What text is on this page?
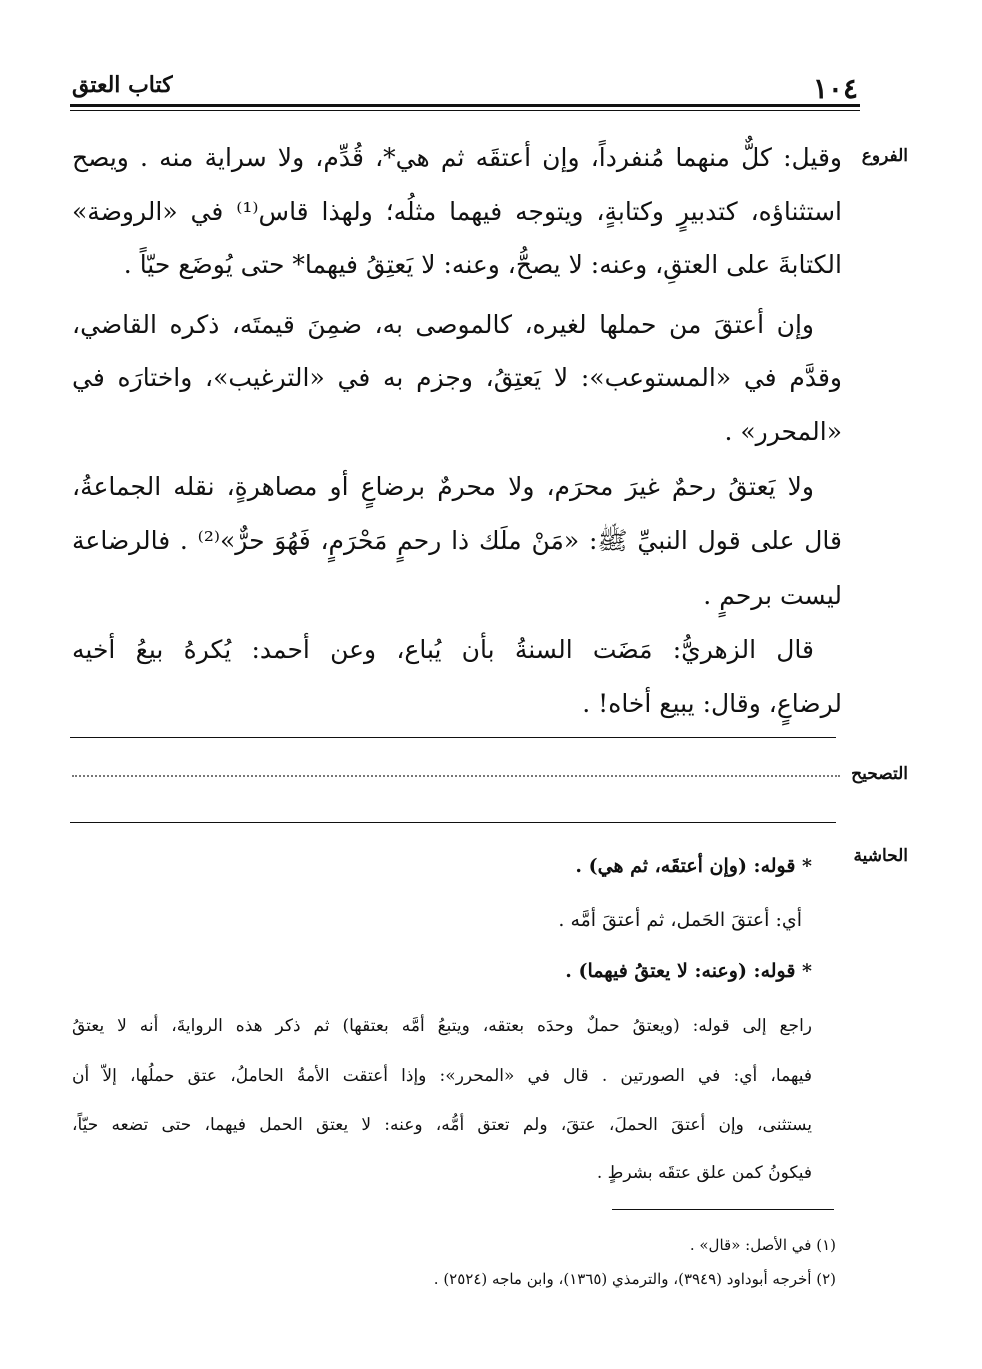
١٠٤
كتاب العتق
الفروع
وقيل: كلٌّ منهما مُنفرداً، وإن أعتقَه ثم هي*، قُدِّم، ولا سراية منه . ويصح
استثناؤه، كتدبيرٍ وكتابةٍ، ويتوجه فيهما مثلُه؛ ولهذا قاس⁽¹⁾ في «الروضة»
الكتابةَ على العتقِ، وعنه: لا يصحُّ، وعنه: لا يَعتِقُ فيهما* حتى يُوضَع حيّاً .
وإن أعتقَ من حملها لغيره، كالموصى به، ضمِنَ قيمتَه، ذكره القاضي،
وقدَّم في «المستوعب»: لا يَعتِقُ، وجزم به في «الترغيب»، واختارَه في
«المحرر» .
ولا يَعتقُ رحمٌ غيرَ محرَم، ولا محرمٌ برضاعٍ أو مصاهرةٍ، نقله الجماعةُ،
قال على قول النبيِّ ﷺ: «مَنْ ملَك ذا رحمٍ مَحْرَمٍ، فَهُوَ حرٌّ»⁽²⁾ . فالرضاعة
ليست برحمٍ .
قال الزهريُّ: مَضَت السنةُ بأن يُباع، وعن أحمد: يُكرهُ بيعُ أخيه
لرضاعٍ، وقال: يبيع أخاه! .
التصحيح
الحاشية
* قوله: (وإن أعتقَه، ثم هي) .
أي: أعتقَ الحَمل، ثم أعتقَ أمَّه .
* قوله: (وعنه: لا يعتقُ فيهما) .
راجع إلى قوله: (ويعتقُ حملٌ وحدَه بعتقه، ويتبعُ أمَّه بعتقها) ثم ذكر هذه الروايةَ، أنه لا يعتقُ
فيهما، أي: في الصورتين . قال في «المحرر»: وإذا أعتقت الأمةُ الحاملُ، عتق حملُها، إلاّ أن
يستثنى، وإن أعتقَ الحملَ، عتقَ، ولم تعتق أمُّه، وعنه: لا يعتق الحمل فيهما، حتى تضعه حيّاً،
فيكونُ كمن علق عتقَه بشرطٍ .
(١) في الأصل: «قال» .
(٢) أخرجه أبوداود (٣٩٤٩)، والترمذي (١٣٦٥)، وابن ماجه (٢٥٢٤) .
